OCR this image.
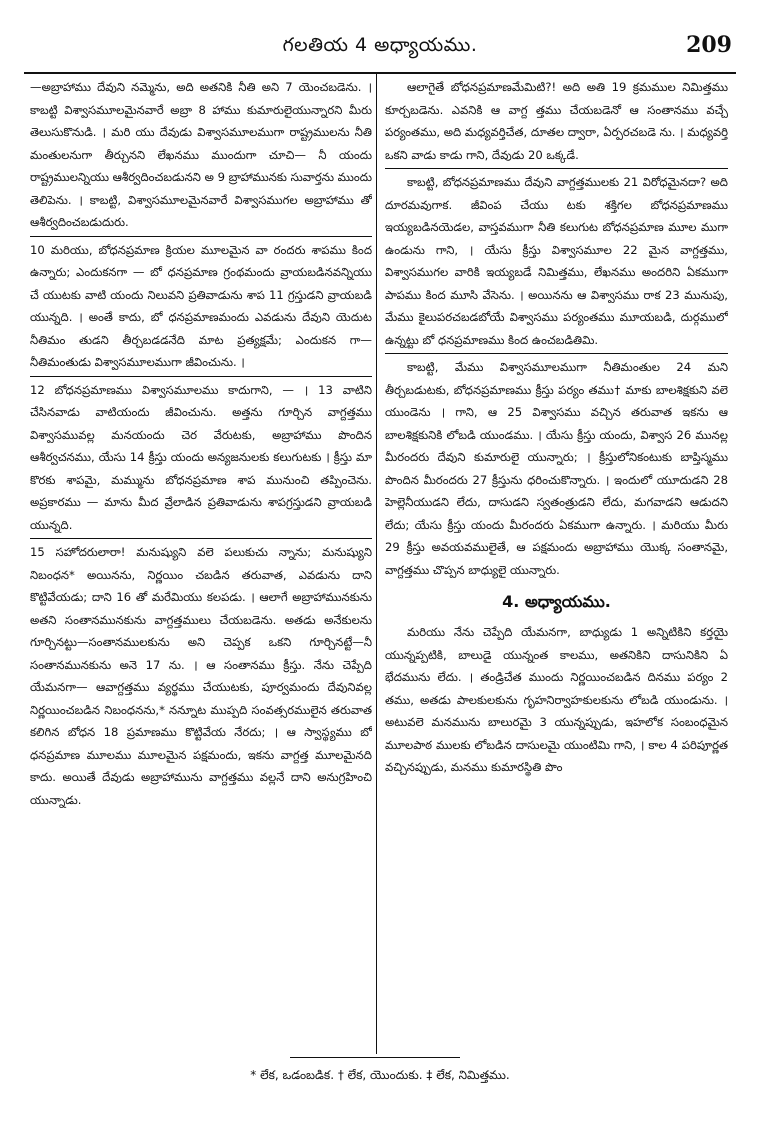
గలతియ 4 అధ్యాయము.	209

—అబ్రాహాము దేవుని నమ్మెను, అది అతనికి నీతి అని 7 యెంచబడెను. । కాబట్టి విశ్వాసమూలమైనవారే అబ్రా 8 హాము కుమారులైయున్నారని మీరు తెలుసుకొనుడి. । మరి యు దేవుడు విశ్వాసమూలముగా రాష్ట్రములను నీతి మంతులనుగా తీర్చునని లేఖనము ముందుగా చూచి— నీ యందు రాష్ట్రములన్నియు ఆశీర్వదించబడునని అ 9 బ్రాహామునకు సువార్తను ముందు తెలిపెను. । కాబట్టి, విశ్వాసమూలమైనవారే విశ్వాసముగల అబ్రాహాము తో ఆశీర్వదించబడుదురు.

10 మరియు, బోధనప్రమాణ క్రియల మూలమైన వా రందరు శాపము కింద ఉన్నారు; ఎందుకనగా — బో ధనప్రమాణ గ్రంథమందు వ్రాయబడినవన్నియు చే యుటకు వాటి యందు నిలువని ప్రతివాడును శాప 11 గ్రస్తుడని వ్రాయబడి యున్నది. । అంతే కాదు, బో ధనప్రమాణమందు ఎవడును దేవుని యెదుట నీతిమం తుడని తీర్చబడడనేది మాట ప్రత్యక్షమే; ఎందుకన గా—నీతిమంతుడు విశ్వాసమూలముగా జీవించును. ।

12 బోధనప్రమాణము విశ్వాసమూలము కాదుగాని, — । 13 వాటిని చేసినవాడు వాటియందు జీవించును. అత్తను గూర్చిన వాగ్దత్తము విశ్వాసమువల్ల మనయందు చెర వేరుటకు, అబ్రాహాము పొందిన ఆశీర్వచనము, యేసు 14 క్రీస్తు యందు అన్యజనులకు కలుగుటకు । క్రీస్తు మా కొరకు శాపమై, మమ్మును బోధనప్రమాణ శాప మునుంచి తప్పించెను. అప్రకారము — మాను మీద వ్రేలాడిన ప్రతివాడును శాపగ్రస్తుడని వ్రాయబడి యున్నది.

15 సహోదరులారా! మనుష్యుని వలె పలుకుచు న్నాను; మనుష్యుని నిబంధన* అయినను, నిర్ణయిం చబడిన తరువాత, ఎవడును దాని కొట్టివేయడు; దాని 16 తో మరేమియు కలపడు. । ఆలాగే అబ్రాహామునకును అతని సంతానమునకును వాగ్దత్తములు చేయబడెను. అతడు అనేకులను గూర్చినట్టు—సంతానములకును అని చెప్పక ఒకని గూర్చినట్టే—నీ సంతానమునకును అనె 17 ను. । ఆ సంతానము క్రీస్తు. నేను చెప్పేది యేమనగా— ఆవాగ్దత్తము వ్యర్థము చేయుటకు, పూర్వమందు దేవునివల్ల నిర్ణయించబడిన నిబంధనను,* నన్నూట ముప్పది సంవత్సరములైన తరువాత కలిగిన బోధన 18 ప్రమాణము కొట్టివేయ నేరదు; । ఆ స్వాస్థ్యము బో ధనప్రమాణ మూలము మూలమైన పక్షమందు, ఇకను వాగ్దత్త మూలమైనది కాదు. అయితే దేవుడు అబ్రాహామును వాగ్దత్తము వల్లనే దాని అనుగ్రహించి యున్నాడు.

ఆలాగైతే బోధనప్రమాణమేమిటి?! అది అతి 19 క్రమముల నిమిత్తము కూర్చబడెను. ఎవనికి ఆ వాగ్ద త్తము చేయబడెనో ఆ సంతానము వచ్చే పర్యంతము, అది మధ్యవర్తిచేత, దూతల ద్వారా, ఏర్పరచబడె ను. । మధ్యవర్తి ఒకని వాడు కాడు గాని, దేవుడు 20 ఒక్కడే.

కాబట్టి, బోధనప్రమాణము దేవుని వాగ్దత్తములకు 21 విరోధమైనదా? అది దూరమవుగాక. జీవింప చేయు టకు శక్తిగల బోధనప్రమాణము ఇయ్యబడినయెడల, వాస్తవముగా నీతి కలుగుట బోధనప్రమాణ మూల ముగా ఉండును గాని, । యేసు క్రీస్తు విశ్వాసమూల 22 మైన వాగ్దత్తము, విశ్వాసముగల వారికి ఇయ్యబడే నిమిత్తము, లేఖనము అందరిని ఏకముగా పాపము కింద మూసి వేసెను. । అయినను ఆ విశ్వాసము రాక 23 మునుపు, మేము కైలుపరచబడబోయే విశ్వాసము పర్యంతము మూయబడి, దుర్గములో ఉన్నట్టు బో ధనప్రమాణము కింద ఉంచబడితిమి.

కాబట్టి, మేము విశ్వాసమూలముగా నీతిమంతుల 24 మని తీర్చబడుటకు, బోధనప్రమాణము క్రీస్తు పర్యం తము† మాకు బాలశిక్షకుని వలె యుండెను । గాని, ఆ 25 విశ్వాసము వచ్చిన తరువాత ఇకను ఆ బాలశిక్షకునికి లోబడి యుండము. । యేసు క్రీస్తు యందు, విశ్వాస 26 మునల్ల మీరందరు దేవుని కుమారులై యున్నారు; । క్రీస్తులోనికంటుకు బాప్తిస్మము పొందిన మీరందరు 27 క్రీస్తును ధరించుకొన్నారు. । ఇందులో యూదుడని 28 హెల్లెనీయుడని లేదు, దాసుడని స్వతంత్రుడని లేదు, మగవాడని ఆడుదని లేదు; యేసు క్రీస్తు యందు మీరందరు ఏకముగా ఉన్నారు. । మరియు మీరు 29 క్రీస్తు అవయవములైతే, ఆ పక్షమందు అబ్రాహాము యొక్క సంతానమై, వాగ్దత్తము చొప్పన బాధ్యులై యున్నారు.

4. అధ్యాయము.

మరియు నేను చెప్పేది యేమనగా, బాధ్యుడు 1 అన్నిటికిని కర్తయై యున్నప్పటికి, బాలుడై యున్నంత కాలము, అతనికిని దాసునికిని ఏ భేదమును లేదు. । తండ్రిచేత ముందు నిర్ణయించబడిన దినము పర్యం 2 తము, అతడు పాలకులకును గృహనిర్వాహకులకును లోబడి యుండును. । అటువలె మనమును బాలురమై 3 యున్నప్పుడు, ఇహలోక సంబంధమైన మూలపాఠ ములకు లోబడిన దాసులమై యుంటిమి గాని, । కాల 4 పరిపూర్ణత వచ్చినప్పుడు, మనము కుమారస్థితి పొం

* లేక, ఒడంబడిక. † లేక, యొందుకు. ‡ లేక, నిమిత్తము.
